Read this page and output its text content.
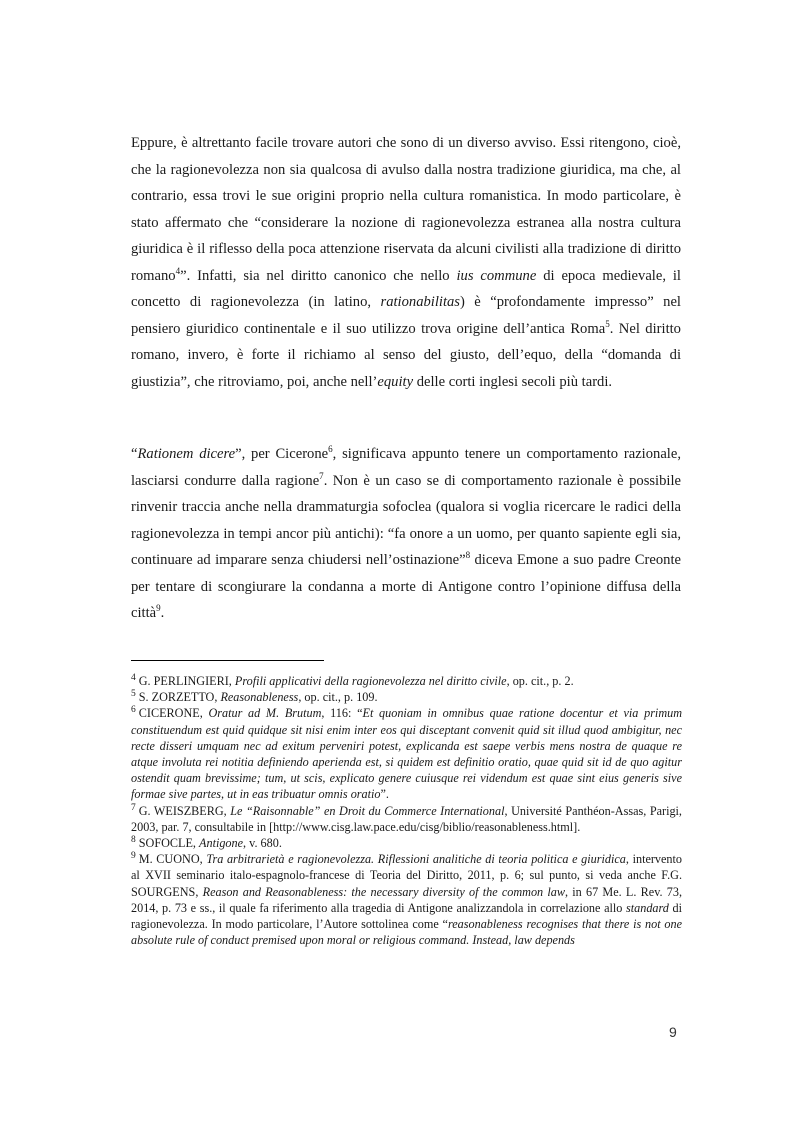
Eppure, è altrettanto facile trovare autori che sono di un diverso avviso. Essi ritengono, cioè, che la ragionevolezza non sia qualcosa di avulso dalla nostra tradizione giuridica, ma che, al contrario, essa trovi le sue origini proprio nella cultura romanistica. In modo particolare, è stato affermato che “considerare la nozione di ragionevolezza estranea alla nostra cultura giuridica è il riflesso della poca attenzione riservata da alcuni civilisti alla tradizione di diritto romano$^4$”. Infatti, sia nel diritto canonico che nello ius commune di epoca medievale, il concetto di ragionevolezza (in latino, rationabilitas) è “profondamente impresso” nel pensiero giuridico continentale e il suo utilizzo trova origine dell’antica Roma$^5$. Nel diritto romano, invero, è forte il richiamo al senso del giusto, dell’equo, della “domanda di giustizia”, che ritroviamo, poi, anche nell’equity delle corti inglesi secoli più tardi.

“Rationem dicere”, per Cicerone$^6$, significava appunto tenere un comportamento razionale, lasciarsi condurre dalla ragione$^7$. Non è un caso se di comportamento razionale è possibile rinvenir traccia anche nella drammaturgia sofoclea (qualora si voglia ricercare le radici della ragionevolezza in tempi ancor più antichi): “fa onore a un uomo, per quanto sapiente egli sia, continuare ad imparare senza chiudersi nell’ostinazione”$^8$ diceva Emone a suo padre Creonte per tentare di scongiurare la condanna a morte di Antigone contro l’opinione diffusa della città$^9$.

$^4$ G. PERLINGIERI, Profili applicativi della ragionevolezza nel diritto civile, op. cit., p. 2.

$^5$ S. ZORZETTO, Reasonableness, op. cit., p. 109.

$^6$ CICERONE, Oratur ad M. Brutum, 116: “Et quoniam in omnibus quae ratione docentur et via primum constituendum est quid quidque sit nisi enim inter eos qui disceptant convenit quid sit illud quod ambigitur, nec recte disseri umquam nec ad exitum perveniri potest, explicanda est saepe verbis mens nostra de quaque re atque involuta rei notitia definiendo aperienda est, si quidem est definitio oratio, quae quid sit id de quo agitur ostendit quam brevissime; tum, ut scis, explicato genere cuiusque rei videndum est quae sint eius generis sive formae sive partes, ut in eas tribuatur omnis oratio”.

$^7$ G. WEISZBERG, Le “Raisonnable” en Droit du Commerce International, Université Panthéon-Assas, Parigi, 2003, par. 7, consultabile in [http://www.cisg.law.pace.edu/cisg/biblio/reasonableness.html].

$^8$ SOFOCLE, Antigone, v. 680.

$^9$ M. CUONO, Tra arbitrarietà e ragionevolezza. Riflessioni analitiche di teoria politica e giuridica, intervento al XVII seminario italo-espagnolo-francese di Teoria del Diritto, 2011, p. 6; sul punto, si veda anche F.G. SOURGENS, Reason and Reasonableness: the necessary diversity of the common law, in 67 Me. L. Rev. 73, 2014, p. 73 e ss., il quale fa riferimento alla tragedia di Antigone analizzandola in correlazione allo standard di ragionevolezza. In modo particolare, l’Autore sottolinea come “reasonableness recognises that there is not one absolute rule of conduct premised upon moral or religious command. Instead, law depends

9
